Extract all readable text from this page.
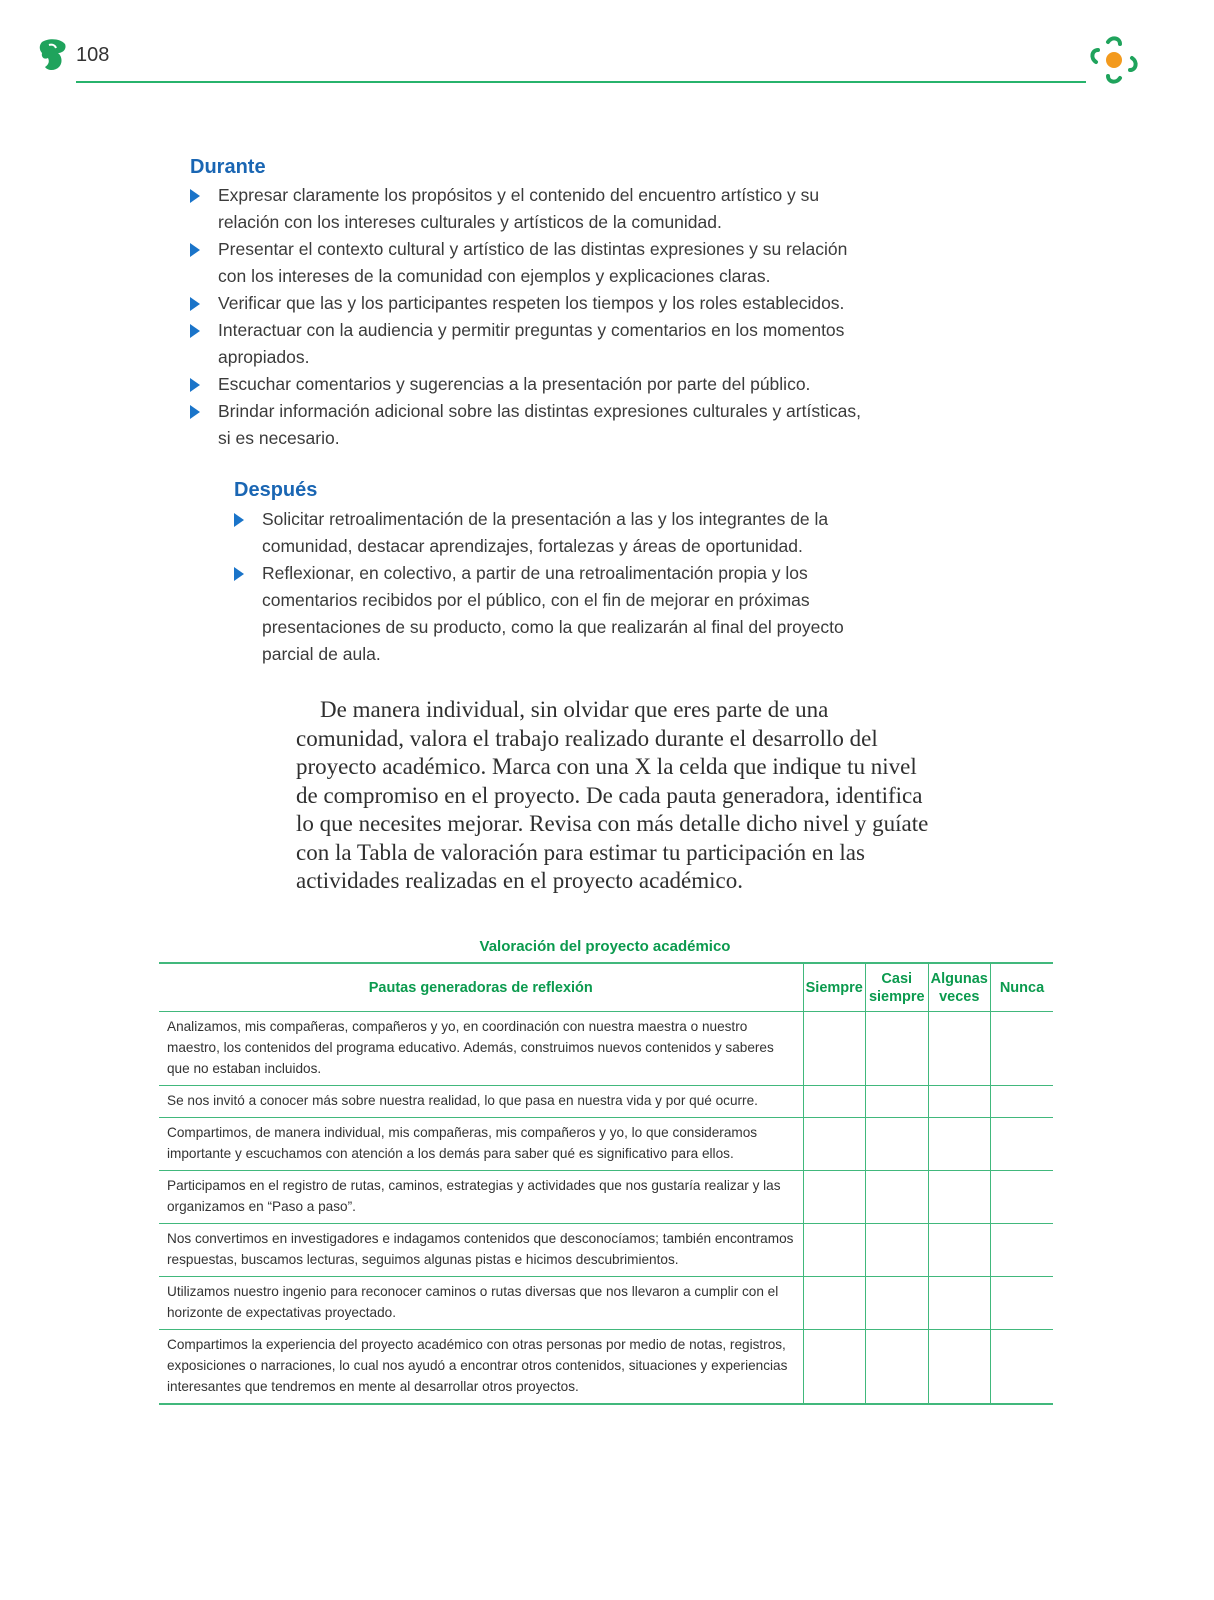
108
Durante
Expresar claramente los propósitos y el contenido del encuentro artístico y su relación con los intereses culturales y artísticos de la comunidad.
Presentar el contexto cultural y artístico de las distintas expresiones y su relación con los intereses de la comunidad con ejemplos y explicaciones claras.
Verificar que las y los participantes respeten los tiempos y los roles establecidos.
Interactuar con la audiencia y permitir preguntas y comentarios en los momentos apropiados.
Escuchar comentarios y sugerencias a la presentación por parte del público.
Brindar información adicional sobre las distintas expresiones culturales y artísticas, si es necesario.
Después
Solicitar retroalimentación de la presentación a las y los integrantes de la comunidad, destacar aprendizajes, fortalezas y áreas de oportunidad.
Reflexionar, en colectivo, a partir de una retroalimentación propia y los comentarios recibidos por el público, con el fin de mejorar en próximas presentaciones de su producto, como la que realizarán al final del proyecto parcial de aula.

De manera individual, sin olvidar que eres parte de una comunidad, valora el trabajo realizado durante el desarrollo del proyecto académico. Marca con una X la celda que indique tu nivel de compromiso en el proyecto. De cada pauta generadora, identifica lo que necesites mejorar. Revisa con más detalle dicho nivel y guíate con la Tabla de valoración para estimar tu participación en las actividades realizadas en el proyecto académico.

Valoración del proyecto académico
Pautas generadoras de reflexión	Siempre	Casi siempre	Algunas veces	Nunca
Analizamos, mis compañeras, compañeros y yo, en coordinación con nuestra maestra o nuestro maestro, los contenidos del programa educativo. Además, construimos nuevos contenidos y saberes que no estaban incluidos.				
Se nos invitó a conocer más sobre nuestra realidad, lo que pasa en nuestra vida y por qué ocurre.				
Compartimos, de manera individual, mis compañeras, mis compañeros y yo, lo que consideramos importante y escuchamos con atención a los demás para saber qué es significativo para ellos.				
Participamos en el registro de rutas, caminos, estrategias y actividades que nos gustaría realizar y las organizamos en “Paso a paso”.				
Nos convertimos en investigadores e indagamos contenidos que desconocíamos; también encontramos respuestas, buscamos lecturas, seguimos algunas pistas e hicimos descubrimientos.				
Utilizamos nuestro ingenio para reconocer caminos o rutas diversas que nos llevaron a cumplir con el horizonte de expectativas proyectado.				
Compartimos la experiencia del proyecto académico con otras personas por medio de notas, registros, exposiciones o narraciones, lo cual nos ayudó a encontrar otros contenidos, situaciones y experiencias interesantes que tendremos en mente al desarrollar otros proyectos.				
